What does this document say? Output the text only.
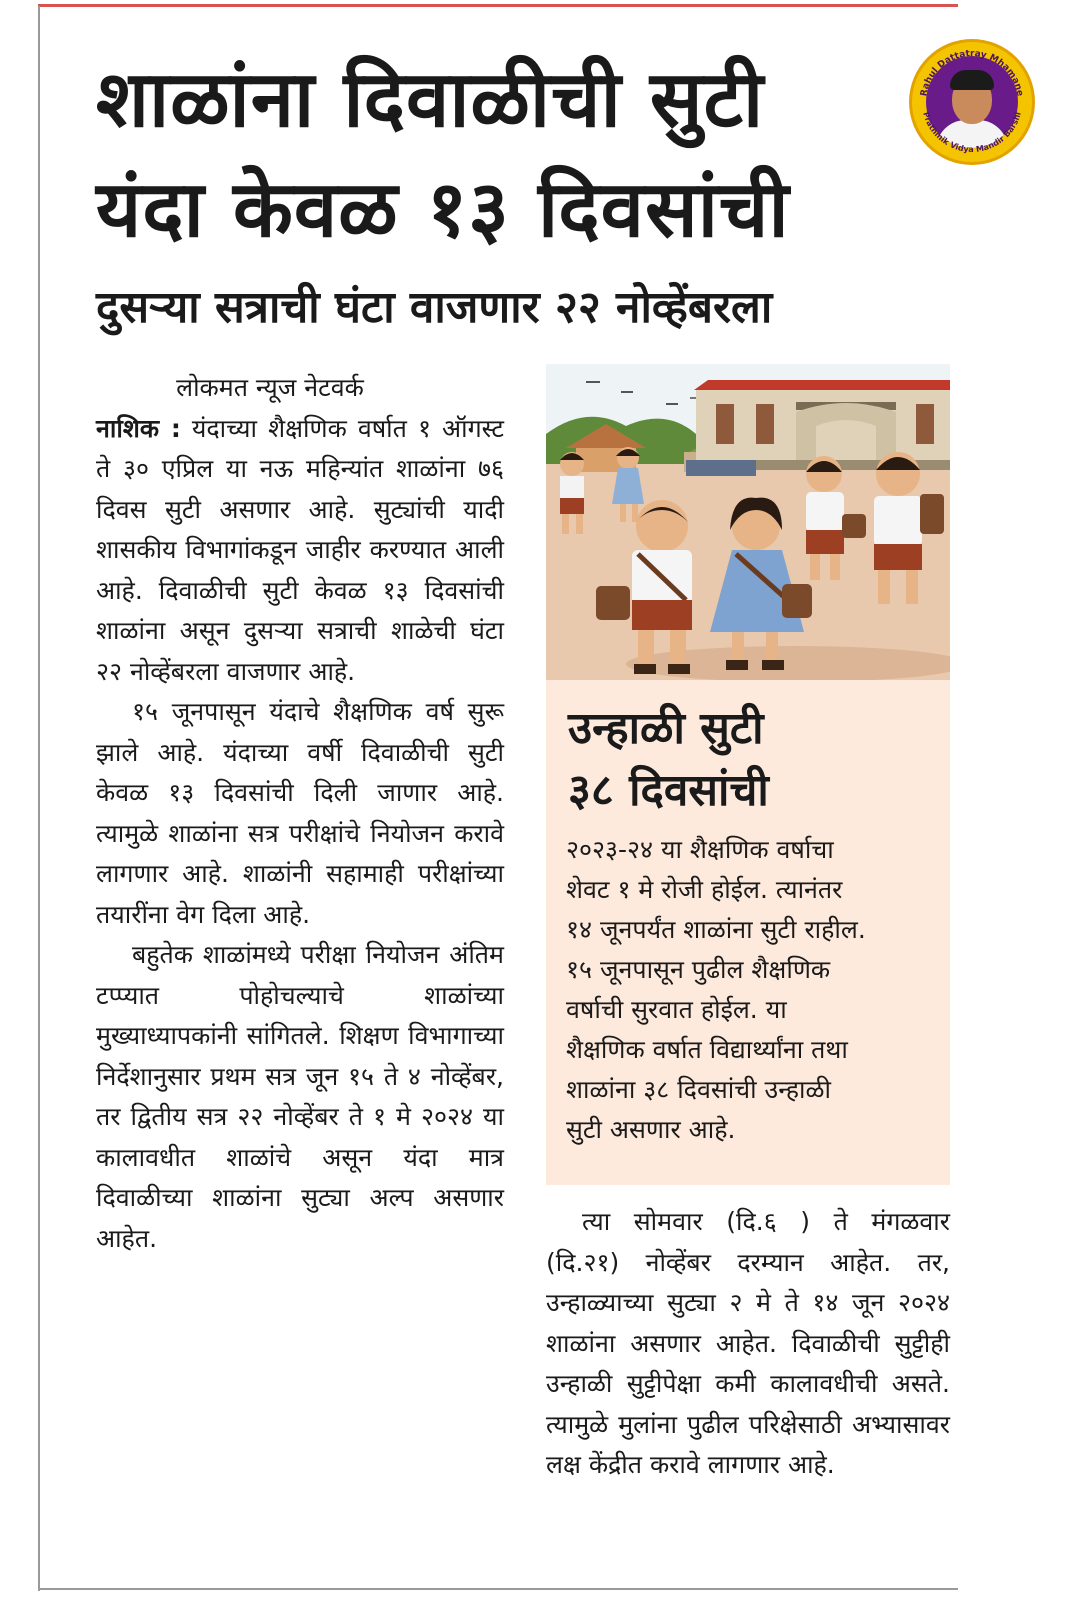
शाळांना दिवाळीची सुटी
यंदा केवळ १३ दिवसांची
दुसऱ्या सत्राची घंटा वाजणार २२ नोव्हेंबरला
Rahul Dattatray Mhamane
Prathmik Vidya Mandir Barshi
लोकमत न्यूज नेटवर्क

नाशिक : यंदाच्या शैक्षणिक वर्षात १ ऑगस्ट ते ३० एप्रिल या नऊ महिन्यांत शाळांना ७६ दिवस सुटी असणार आहे. सुट्यांची यादी शासकीय विभागांकडून जाहीर करण्यात आली आहे. दिवाळीची सुटी केवळ १३ दिवसांची शाळांना असून दुसऱ्या सत्राची शाळेची घंटा २२ नोव्हेंबरला वाजणार आहे.

१५ जूनपासून यंदाचे शैक्षणिक वर्ष सुरू झाले आहे. यंदाच्या वर्षी दिवाळीची सुटी केवळ १३ दिवसांची दिली जाणार आहे. त्यामुळे शाळांना सत्र परीक्षांचे नियोजन करावे लागणार आहे. शाळांनी सहामाही परीक्षांच्या तयारींना वेग दिला आहे.

बहुतेक शाळांमध्ये परीक्षा नियोजन अंतिम टप्प्यात पोहोचल्याचे शाळांच्या मुख्याध्यापकांनी सांगितले. शिक्षण विभागाच्या निर्देशानुसार प्रथम सत्र जून १५ ते ४ नोव्हेंबर, तर द्वितीय सत्र २२ नोव्हेंबर ते १ मे २०२४ या कालावधीत शाळांचे असून यंदा मात्र दिवाळीच्या शाळांना सुट्या अल्प असणार आहेत.

उन्हाळी सुटी
३८ दिवसांची
२०२३-२४ या शैक्षणिक वर्षाचा
शेवट १ मे रोजी होईल. त्यानंतर
१४ जूनपर्यंत शाळांना सुटी राहील.
१५ जूनपासून पुढील शैक्षणिक
वर्षाची सुरवात होईल. या
शैक्षणिक वर्षात विद्यार्थ्यांना तथा
शाळांना ३८ दिवसांची उन्हाळी
सुटी असणार आहे.

त्या सोमवार (दि.६ ) ते मंगळवार (दि.२१) नोव्हेंबर दरम्यान आहेत. तर, उन्हाळ्याच्या सुट्या २ मे ते १४ जून २०२४ शाळांना असणार आहेत. दिवाळीची सुट्टीही उन्हाळी सुट्टीपेक्षा कमी कालावधीची असते. त्यामुळे मुलांना पुढील परिक्षेसाठी अभ्यासावर लक्ष केंद्रीत करावे लागणार आहे.
